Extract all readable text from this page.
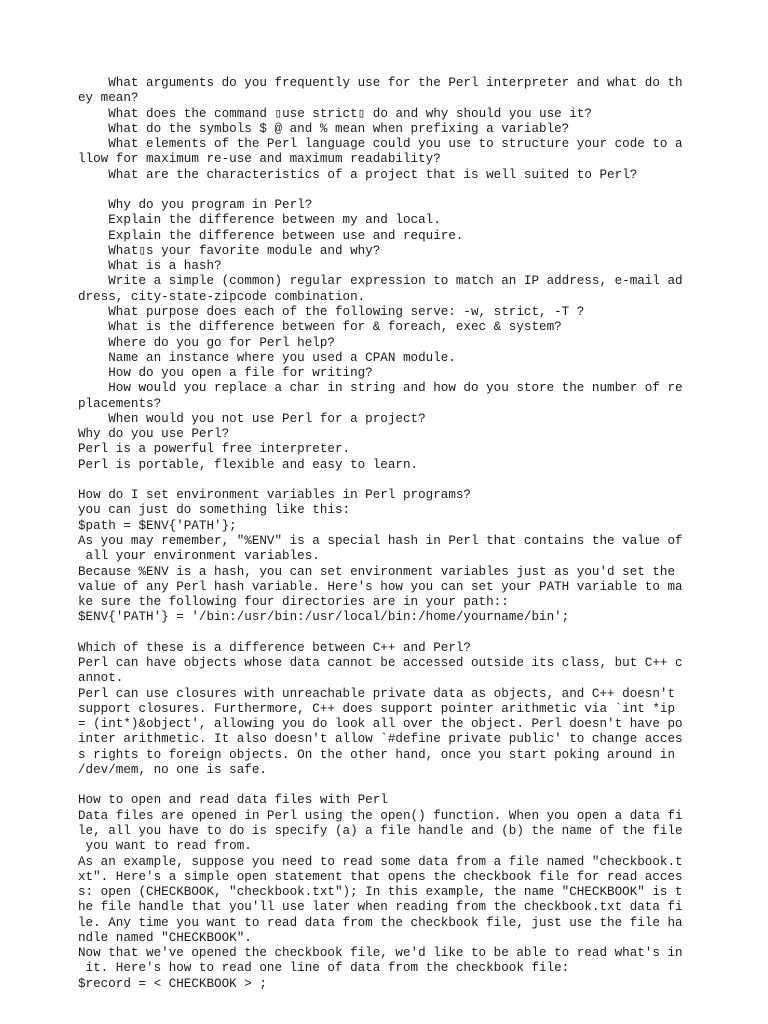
What arguments do you frequently use for the Perl interpreter and what do th
ey mean?
What does the command ▯use strict▯ do and why should you use it?
What do the symbols $ @ and % mean when prefixing a variable?
What elements of the Perl language could you use to structure your code to a
llow for maximum re-use and maximum readability?
What are the characteristics of a project that is well suited to Perl?
Why do you program in Perl?
Explain the difference between my and local.
Explain the difference between use and require.
What▯s your favorite module and why?
What is a hash?
Write a simple (common) regular expression to match an IP address, e-mail ad
dress, city-state-zipcode combination.
What purpose does each of the following serve: -w, strict, -T ?
What is the difference between for & foreach, exec & system?
Where do you go for Perl help?
Name an instance where you used a CPAN module.
How do you open a file for writing?
How would you replace a char in string and how do you store the number of re
placements?
When would you not use Perl for a project?
Why do you use Perl?
Perl is a powerful free interpreter.
Perl is portable, flexible and easy to learn.
How do I set environment variables in Perl programs?
you can just do something like this:
$path = $ENV{'PATH'};
As you may remember, "%ENV" is a special hash in Perl that contains the value of
all your environment variables.
Because %ENV is a hash, you can set environment variables just as you'd set the
value of any Perl hash variable. Here's how you can set your PATH variable to ma
ke sure the following four directories are in your path::
$ENV{'PATH'} = '/bin:/usr/bin:/usr/local/bin:/home/yourname/bin';
Which of these is a difference between C++ and Perl?
Perl can have objects whose data cannot be accessed outside its class, but C++ c
annot.
Perl can use closures with unreachable private data as objects, and C++ doesn't
support closures. Furthermore, C++ does support pointer arithmetic via `int *ip
= (int*)&object', allowing you do look all over the object. Perl doesn't have po
inter arithmetic. It also doesn't allow `#define private public' to change acces
s rights to foreign objects. On the other hand, once you start poking around in
/dev/mem, no one is safe.
How to open and read data files with Perl
Data files are opened in Perl using the open() function. When you open a data fi
le, all you have to do is specify (a) a file handle and (b) the name of the file
you want to read from.
As an example, suppose you need to read some data from a file named "checkbook.t
xt". Here's a simple open statement that opens the checkbook file for read acces
s: open (CHECKBOOK, "checkbook.txt"); In this example, the name "CHECKBOOK" is t
he file handle that you'll use later when reading from the checkbook.txt data fi
le. Any time you want to read data from the checkbook file, just use the file ha
ndle named "CHECKBOOK".
Now that we've opened the checkbook file, we'd like to be able to read what's in
it. Here's how to read one line of data from the checkbook file:
$record = < CHECKBOOK > ;
